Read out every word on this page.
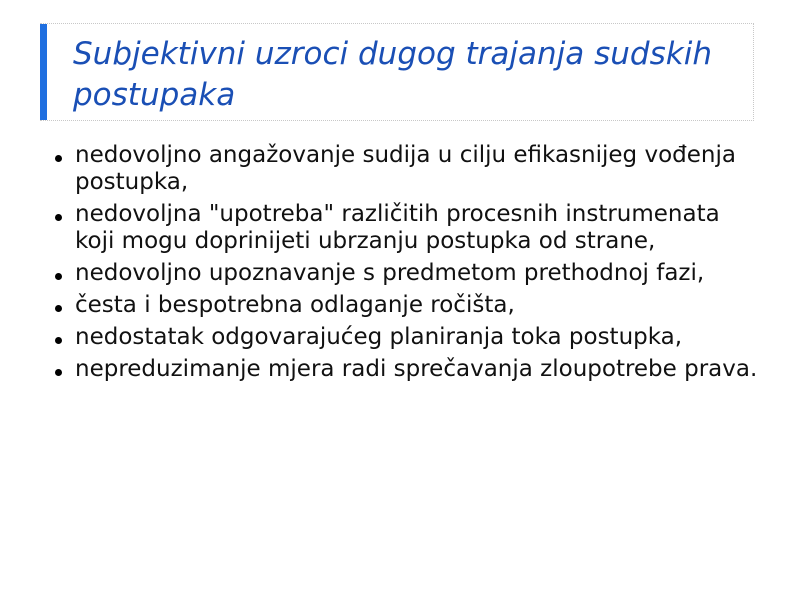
Subjektivni uzroci dugog trajanja sudskih postupaka
nedovoljno angažovanje sudija u cilju efikasnijeg vođenja postupka,
nedovoljna "upotreba" različitih procesnih instrumenata koji mogu doprinijeti ubrzanju postupka od strane,
nedovoljno upoznavanje s predmetom prethodnoj fazi,
česta i bespotrebna odlaganje ročišta,
nedostatak odgovarajućeg planiranja toka postupka,
nepreduzimanje mjera radi sprečavanja zloupotrebe prava.
